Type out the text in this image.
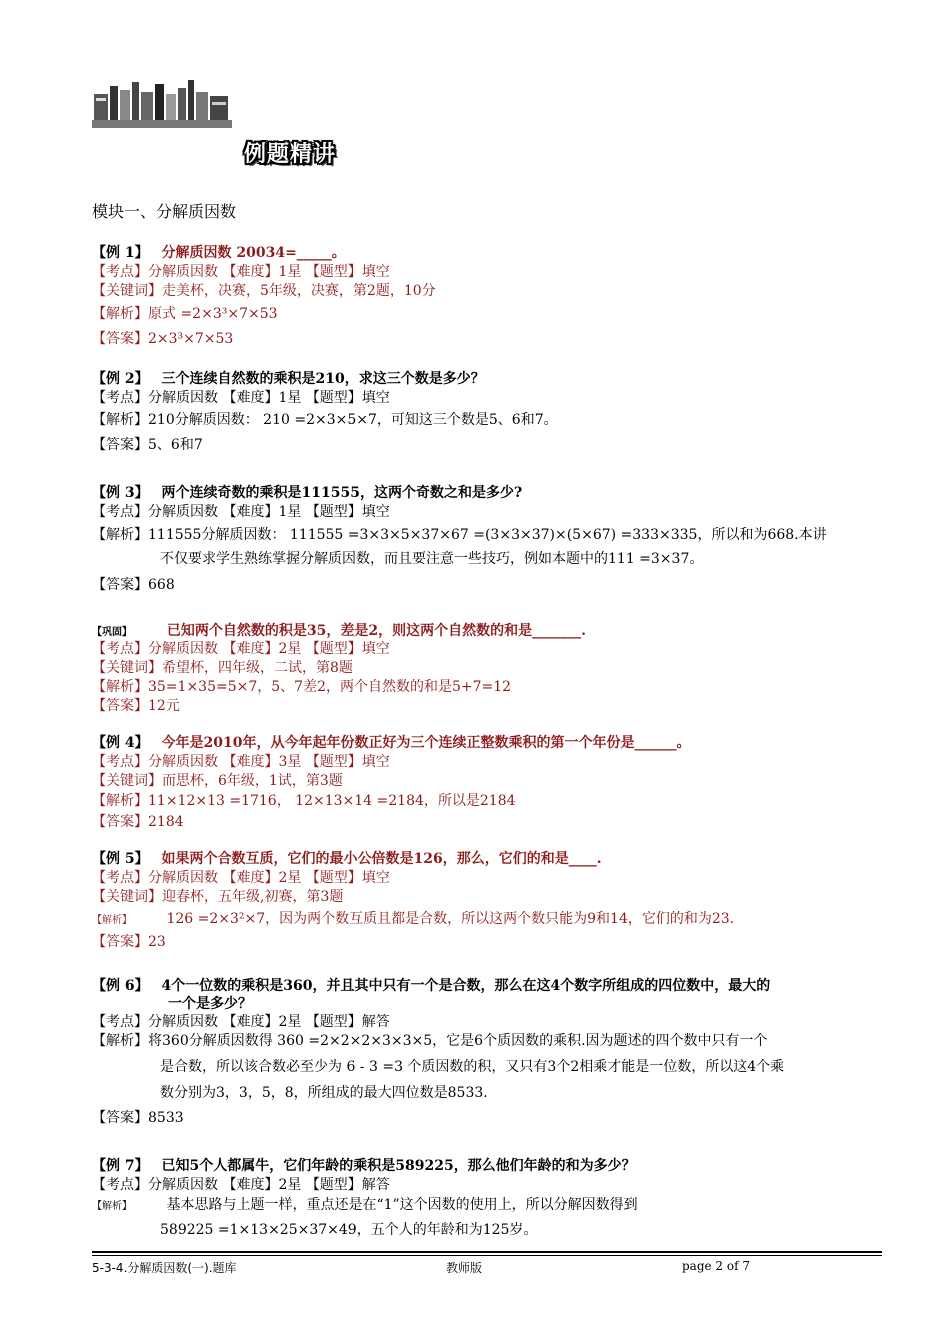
例题精讲
模块一、分解质因数
【例 1】 分解质因数 20034=_____。
【考点】分解质因数 【难度】1星 【题型】填空
【关键词】走美杯，决赛，5年级，决赛，第2题，10分
【解析】原式 =2×3³×7×53
【答案】2×3³×7×53
【例 2】 三个连续自然数的乘积是210，求这三个数是多少？
【考点】分解质因数 【难度】1星 【题型】填空
【解析】210分解质因数： 210 =2×3×5×7，可知这三个数是5、6和7。
【答案】5、6和7
【例 3】 两个连续奇数的乘积是111555，这两个奇数之和是多少?
【考点】分解质因数 【难度】1星 【题型】填空
【解析】111555分解质因数： 111555 =3×3×5×37×67 =(3×3×37)×(5×67) =333×335，所以和为668.本讲
不仅要求学生熟练掌握分解质因数，而且要注意一些技巧，例如本题中的111 =3×37。
【答案】668
【巩固】 已知两个自然数的积是35，差是2，则这两个自然数的和是_______.
【考点】分解质因数 【难度】2星 【题型】填空
【关键词】希望杯，四年级，二试，第8题
【解析】35=1×35=5×7，5、7差2，两个自然数的和是5+7=12
【答案】12元
【例 4】 今年是2010年，从今年起年份数正好为三个连续正整数乘积的第一个年份是______。
【考点】分解质因数 【难度】3星 【题型】填空
【关键词】而思杯，6年级，1试，第3题
【解析】11×12×13 =1716， 12×13×14 =2184，所以是2184
【答案】2184
【例 5】 如果两个合数互质，它们的最小公倍数是126，那么，它们的和是____.
【考点】分解质因数 【难度】2星 【题型】填空
【关键词】迎春杯，五年级,初赛，第3题
【解析】 126 =2×3²×7，因为两个数互质且都是合数，所以这两个数只能为9和14，它们的和为23.
【答案】23
【例 6】 4个一位数的乘积是360，并且其中只有一个是合数，那么在这4个数字所组成的四位数中，最大的
一个是多少？
【考点】分解质因数 【难度】2星 【题型】解答
【解析】将360分解质因数得 360 =2×2×2×3×3×5，它是6个质因数的乘积.因为题述的四个数中只有一个
是合数，所以该合数必至少为 6 - 3 =3 个质因数的积，又只有3个2相乘才能是一位数，所以这4个乘
数分别为3，3，5，8，所组成的最大四位数是8533.
【答案】8533
【例 7】 已知5个人都属牛，它们年龄的乘积是589225，那么他们年龄的和为多少？
【考点】分解质因数 【难度】2星 【题型】解答
【解析】 基本思路与上题一样，重点还是在“1”这个因数的使用上，所以分解因数得到
589225 =1×13×25×37×49，五个人的年龄和为125岁。
5-3-4.分解质因数(一).题库	教师版	page 2 of 7
